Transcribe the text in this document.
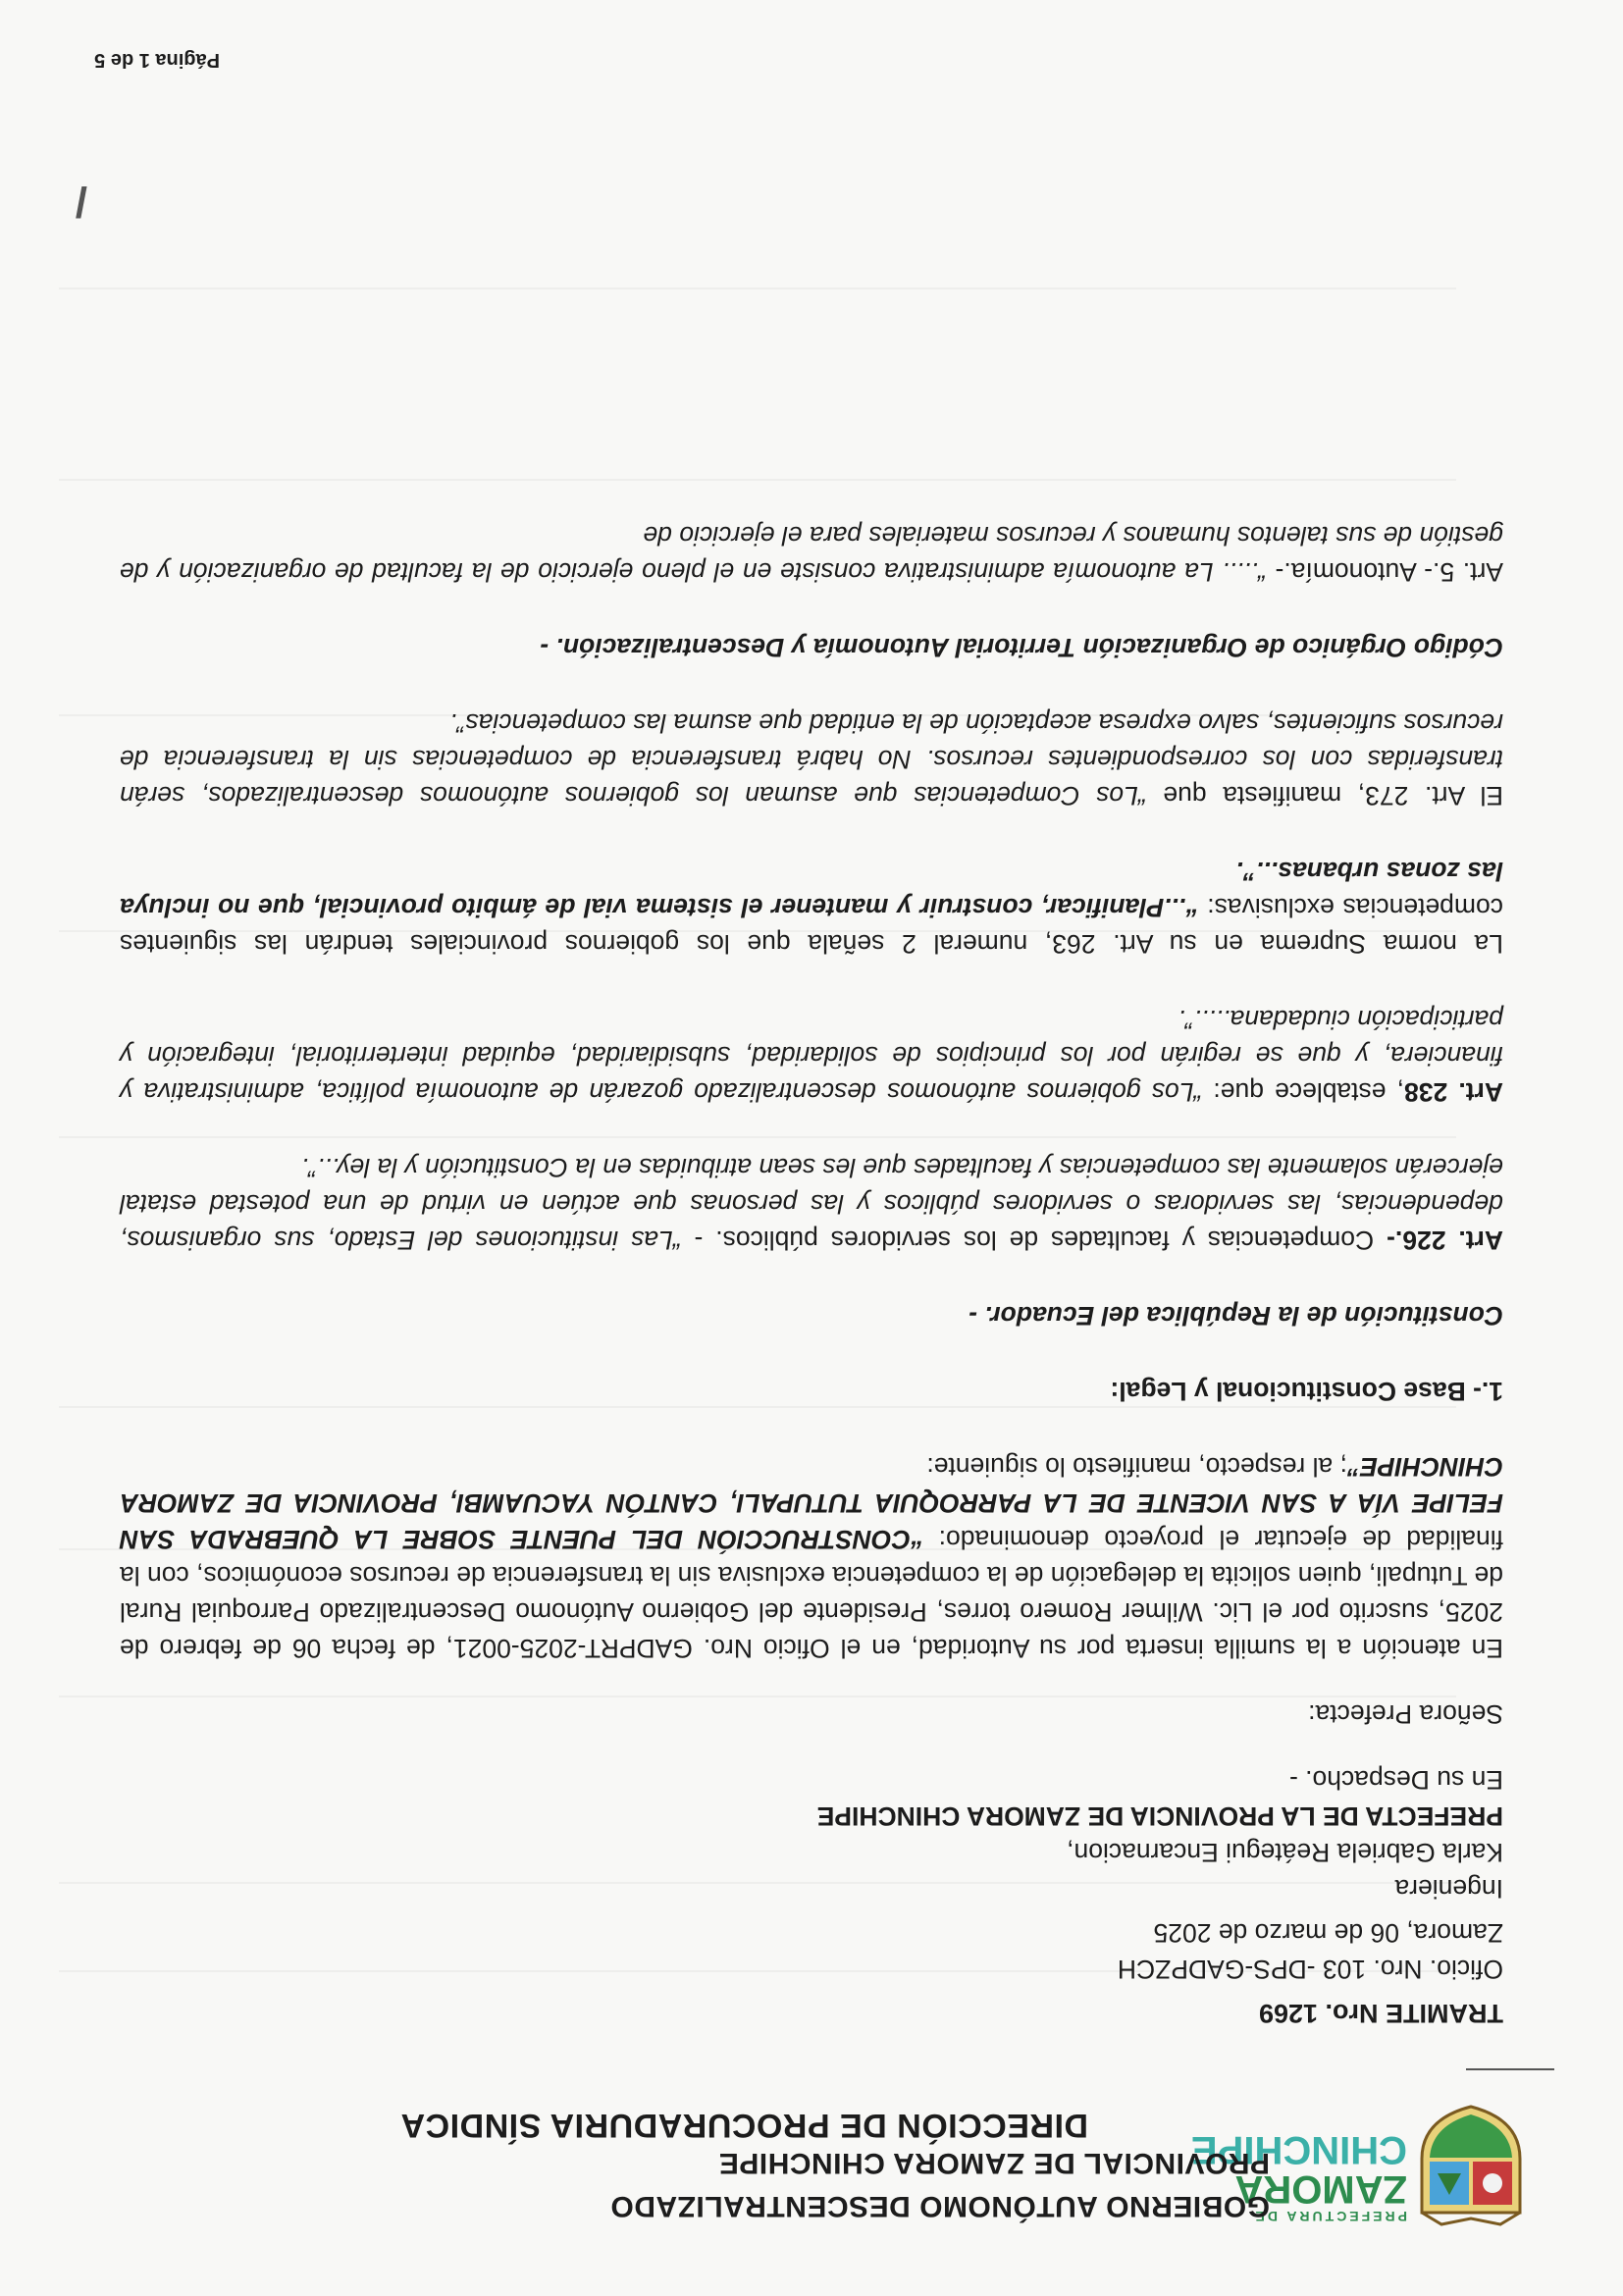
PREFECTURA DE
ZAMORA
CHINCHIPE
GOBIERNO AUTÓNOMO DESCENTRALIZADO
PROVINCIAL DE ZAMORA CHINCHIPE
DIRECCIÓN DE PROCURADURIA SÍNDICA

TRAMITE Nro. 1269

Oficio. Nro. 103 -DPS-GADPZCH

Zamora, 06 de marzo de 2025

Ingeniera

Karla Gabriela Reátegui Encarnacion,

PREFECTA DE LA PROVINCIA DE ZAMORA CHINCHIPE

En su Despacho. -

Señora Prefecta:

En atención a la sumilla inserta por su Autoridad, en el Oficio Nro. GADPRT-2025-0021, de fecha 06 de febrero de 2025, suscrito por el Lic. Wilmer Romero torres, Presidente del Gobierno Autónomo Descentralizado Parroquial Rural de Tutupali, quien solicita la delegación de la competencia exclusiva sin la transferencia de recursos económicos, con la finalidad de ejecutar el proyecto denominado: “CONSTRUCCIÓN DEL PUENTE SOBRE LA QUEBRADA SAN FELIPE VÍA A SAN VICENTE DE LA PARROQUIA TUTUPALI, CANTÓN YACUAMBI, PROVINCIA DE ZAMORA CHINCHIPE”; al respecto, manifiesto lo siguiente:

1.- Base Constitucional y Legal:

Constitución de la República del Ecuador. -

Art. 226.- Competencias y facultades de los servidores públicos. - “Las instituciones del Estado, sus organismos, dependencias, las servidoras o servidores públicos y las personas que actúen en virtud de una potestad estatal ejercerán solamente las competencias y facultades que les sean atribuidas en la Constitución y la ley...”.

Art. 238, establece que: “Los gobiernos autónomos descentralizado gozarán de autonomía política, administrativa y financiera, y que se regirán por los principios de solidaridad, subsidiaridad, equidad interterritorial, integración y participación ciudadana.....”.

La norma Suprema en su Art. 263, numeral 2 señala que los gobiernos provinciales tendrán las siguientes competencias exclusivas: “...Planificar, construir y mantener el sistema vial de ámbito provincial, que no incluya las zonas urbanas...”.

El Art. 273, manifiesta que “Los Competencias que asuman los gobiernos autónomos descentralizados, serán transferidas con los correspondientes recursos. No habrá transferencia de competencias sin la transferencia de recursos suficientes, salvo expresa aceptación de la entidad que asuma las competencias”.

Código Orgánico de Organización Territorial Autonomía y Descentralización. -

Art. 5.- Autonomía.- “..... La autonomía administrativa consiste en el pleno ejercicio de la facultad de organización y de gestión de sus talentos humanos y recursos materiales para el ejercicio de

/
Página 1 de 5
